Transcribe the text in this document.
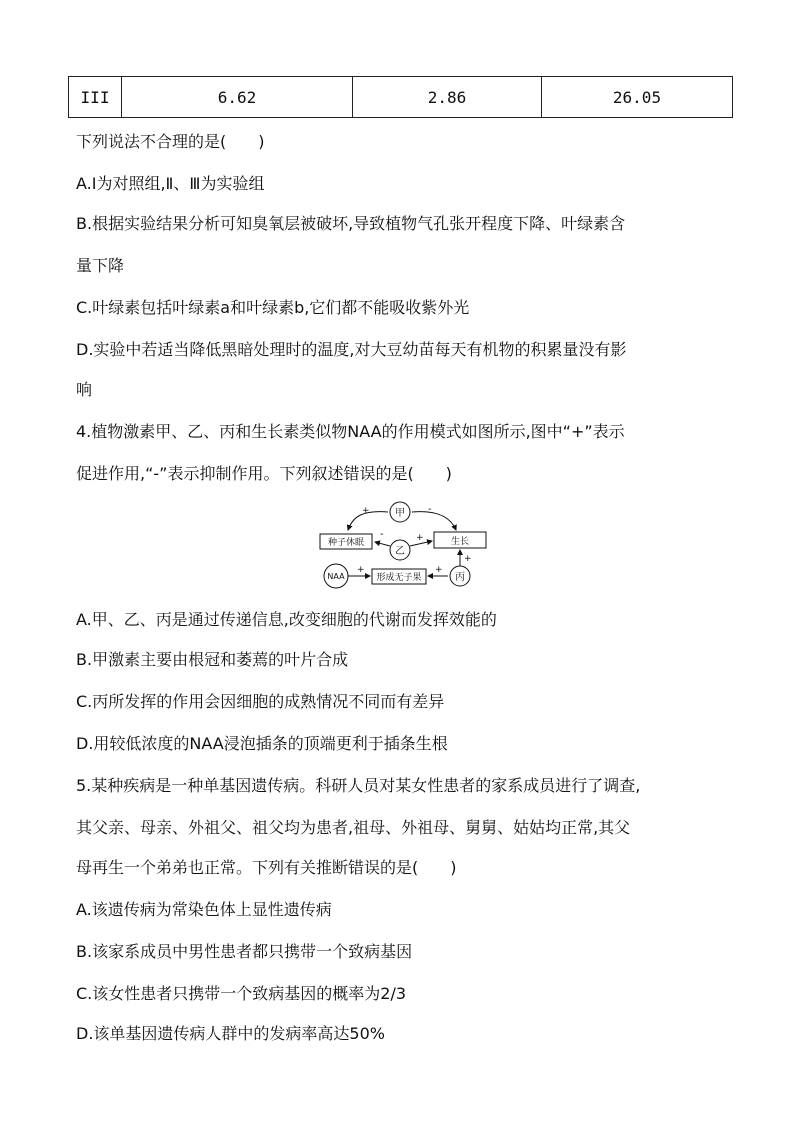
III	6.62	2.86	26.05
下列说法不合理的是(　　)
A.Ⅰ为对照组,Ⅱ、Ⅲ为实验组
B.根据实验结果分析可知臭氧层被破坏,导致植物气孔张开程度下降、叶绿素含
量下降
C.叶绿素包括叶绿素a和叶绿素b,它们都不能吸收紫外光
D.实验中若适当降低黑暗处理时的温度,对大豆幼苗每天有机物的积累量没有影
响
4.植物激素甲、乙、丙和生长素类似物NAA的作用模式如图所示,图中“+”表示
促进作用,“-”表示抑制作用。下列叙述错误的是(　　)
+	-
甲
种子休眠	生长
-	+
乙
NAA
+
形成无子果
+
+
丙
A.甲、乙、丙是通过传递信息,改变细胞的代谢而发挥效能的
B.甲激素主要由根冠和萎蔫的叶片合成
C.丙所发挥的作用会因细胞的成熟情况不同而有差异
D.用较低浓度的NAA浸泡插条的顶端更利于插条生根
5.某种疾病是一种单基因遗传病。科研人员对某女性患者的家系成员进行了调查,
其父亲、母亲、外祖父、祖父均为患者,祖母、外祖母、舅舅、姑姑均正常,其父
母再生一个弟弟也正常。下列有关推断错误的是(　　)
A.该遗传病为常染色体上显性遗传病
B.该家系成员中男性患者都只携带一个致病基因
C.该女性患者只携带一个致病基因的概率为2/3
D.该单基因遗传病人群中的发病率高达50%
